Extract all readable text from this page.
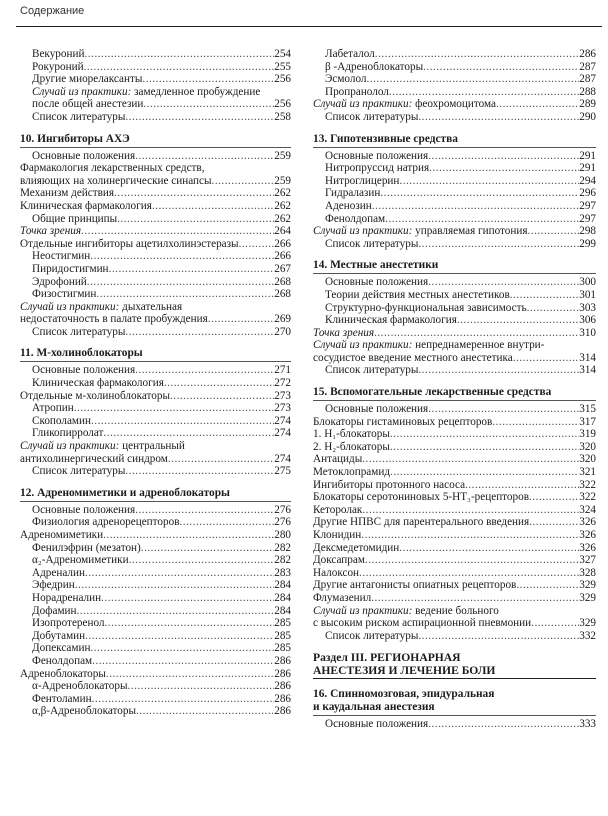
Содержание
Векуроний .....	254
Рокуроний .....	255
Другие миорелаксанты .....	256
Случай из практики: замедленное пробуждение
после общей анестезии .....	256
Список литературы .....	258
10. Ингибиторы АХЭ
Основные положения .....	259
Фармакология лекарственных средств,
влияющих на холинергические синапсы .....	259
Механизм действия .....	262
Клиническая фармакология .....	262
Общие принципы .....	262
Точка зрения .....	264
Отдельные ингибиторы ацетилхолинэстеразы .....	266
Неостигмин .....	266
Пиридостигмин .....	267
Эдрофоний .....	268
Физостигмин .....	268
Случай из практики: дыхательная
недостаточность в палате пробуждения .....	269
Список литературы .....	270
11. М-холиноблокаторы
Основные положения .....	271
Клиническая фармакология .....	272
Отдельные м-холиноблокаторы .....	273
Атропин .....	273
Скополамин .....	274
Гликопирролат .....	274
Случай из практики: центральный
антихолинергический синдром .....	274
Список литературы .....	275
12. Адреномиметики и адреноблокаторы
Основные положения .....	276
Физиология адренорецепторов .....	276
Адреномиметики .....	280
Фенилэфрин (мезатон) .....	282
α₂-Адреномиметики .....	282
Адреналин .....	283
Эфедрин .....	284
Норадреналин .....	284
Дофамин .....	284
Изопротеренол .....	285
Добутамин .....	285
Допексамин .....	285
Фенолдопам .....	286
Адреноблокаторы .....	286
α-Адреноблокаторы .....	286
Фентоламин .....	286
α,β-Адреноблокаторы .....	286
Лабеталол .....	286
β -Адреноблокаторы .....	287
Эсмолол .....	287
Пропранолол .....	288
Случай из практики: феохромоцитома .....	289
Список литературы .....	290
13. Гипотензивные средства
Основные положения .....	291
Нитропруссид натрия .....	291
Нитроглицерин .....	294
Гидралазин .....	296
Аденозин .....	297
Фенолдопам .....	297
Случай из практики: управляемая гипотония .....	298
Список литературы .....	299
14. Местные анестетики
Основные положения .....	300
Теории действия местных анестетиков .....	301
Структурно-функциональная зависимость .....	303
Клиническая фармакология .....	306
Точка зрения .....	310
Случай из практики: непреднамеренное внутри-
сосудистое введение местного анестетика .....	314
Список литературы .....	314
15. Вспомогательные лекарственные средства
Основные положения .....	315
Блокаторы гистаминовых рецепторов .....	317
1. H₁-блокаторы .....	319
2. H₂-блокаторы .....	320
Антациды .....	320
Метоклопрамид .....	321
Ингибиторы протонного насоса .....	322
Блокаторы серотониновых 5-HT₃-рецепторов .....	322
Кеторолак .....	324
Другие НПВС для парентерального введения .....	326
Клонидин .....	326
Дексмедетомидин .....	326
Доксапрам .....	327
Налоксон .....	328
Другие антагонисты опиатных рецепторов .....	329
Флумазенил .....	329
Случай из практики: ведение больного
с высоким риском аспирационной пневмонии .....	329
Список литературы .....	332
Раздел III. РЕГИОНАРНАЯ
АНЕСТЕЗИЯ И ЛЕЧЕНИЕ БОЛИ
16. Спинномозговая, эпидуральная
и каудальная анестезия
Основные положения .....	333
